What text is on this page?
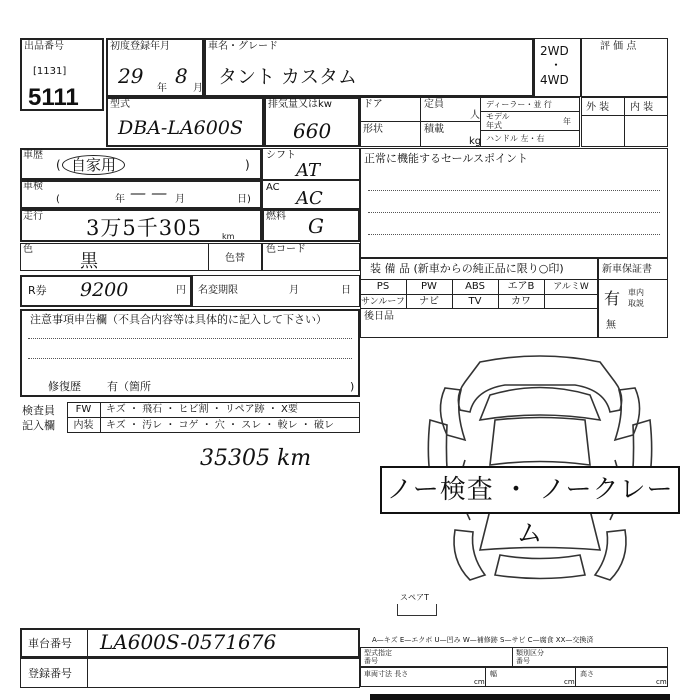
出品番号
[1131]
5111
初度登録年月
29
年
8
月
車名・グレード
タント カスタム
2WD
・
4WD
評 価 点
型式
DBA-LA600S
排気量又はkw
660
ドア	定員
人
形状	積載
kg
ディーラー・並 行
モデル
年式	年
ハンドル 左・右
外 装 内 装
車歴
( 自家用	)
車検
(	年 — — 月	日)
走行 3万5千305	km
色
黒	色替
R券 9200	円 名変期限	月	日
シフト
AT
AC
AC
燃料 G
色コード
正常に機能するセールスポイント
装 備 品 (新車からの純正品に限り○印)
PS	PW	ABS	エアB	アルミW
サンルーフ	ナビ	TV	カワ
後日品
新車保証書
有 車内
取説
無
注意事項申告欄（不具合内容等は具体的に記入して下さい）
修復歴 有（箇所	)
検査員
記入欄
FW	キズ ・ 飛石 ・ ヒビ割 ・ リペア跡 ・ X要
内装	キズ ・ 汚レ ・ コゲ ・ 穴 ・ スレ ・ 較レ ・ 破レ
35305 km
ノー検査 ・ ノークレーム
スペアT
車台番号 LA600S-0571676
登録番号
A—キズ E—エクボ U—凹み W—補修跡 S—サビ C—腐食 XX—交換済
型式指定
番号
類別区分
番号
車両寸法 長さ
cm
幅
cm
高さ
cm
